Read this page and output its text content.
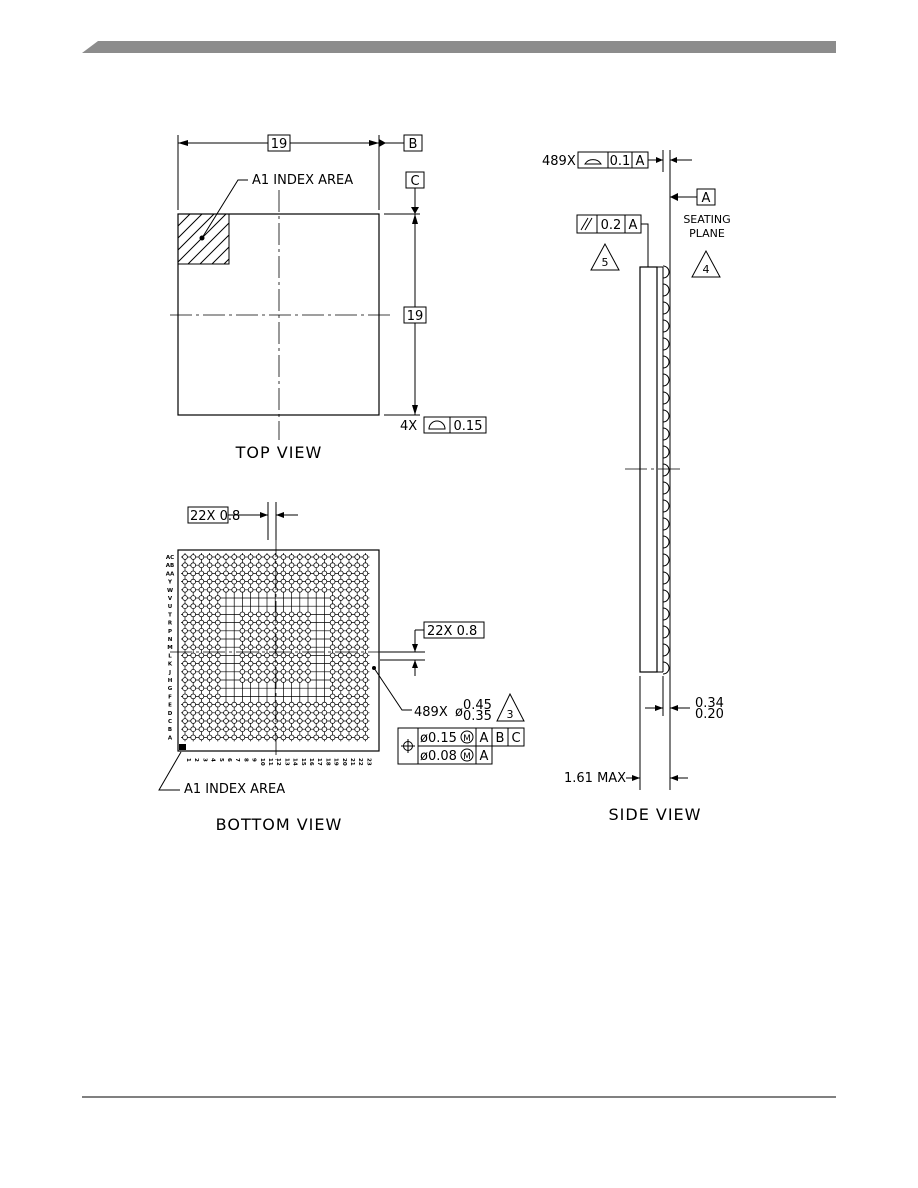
19	B
A1 INDEX AREA	C
19
4X	0.15
TOP VIEW
AC
AB
AA
Y
W
V
U
T
R
P
N
M
L
K
J
H
G
F
E
D
C
B
A
1 2 3 4 5 6 7 8 9 10 11 12 13 14 15 16 17 18 19 20 21 22 23
22X 0.8
22X 0.8
489X ø 0.45
0.35 3
ø0.15 M A B C
ø0.08 M A
A1 INDEX AREA
BOTTOM VIEW
489X	0.1 A
A
SEATING
PLANE
4
0.2 A
5
0.34
0.20
1.61 MAX
SIDE VIEW
